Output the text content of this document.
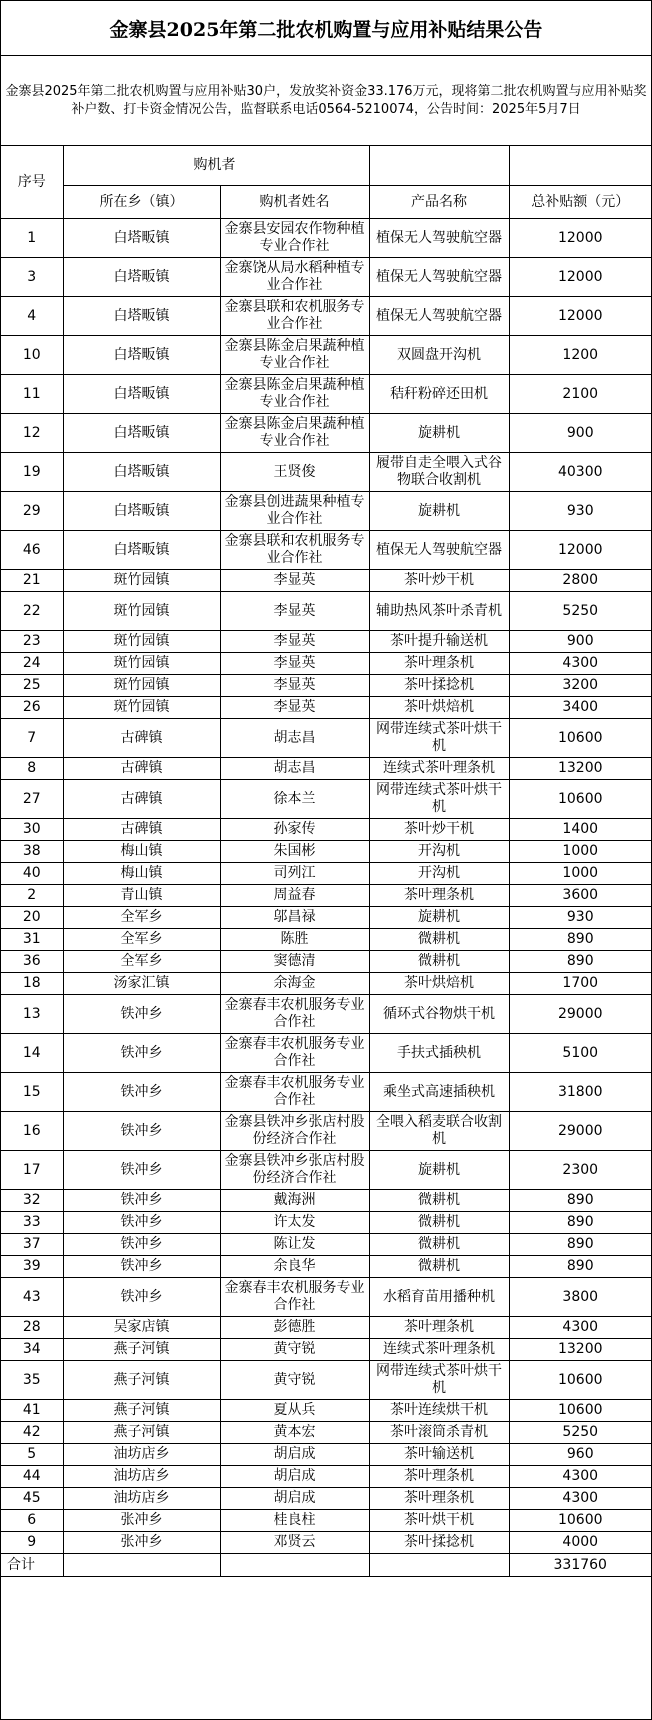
金寨县2025年第二批农机购置与应用补贴结果公告
金寨县2025年第二批农机购置与应用补贴30户，发放奖补资金33.176万元，现将第二批农机购置与应用补贴奖补户数、打卡资金情况公告，监督联系电话0564-5210074，公告时间：2025年5月7日
序号	购机者			
	所在乡（镇）	购机者姓名	产品名称	总补贴额（元）
1	白塔畈镇	金寨县安园农作物种植专业合作社	植保无人驾驶航空器	12000
3	白塔畈镇	金寨饶从局水稻种植专业合作社	植保无人驾驶航空器	12000
4	白塔畈镇	金寨县联和农机服务专业合作社	植保无人驾驶航空器	12000
10	白塔畈镇	金寨县陈金启果蔬种植专业合作社	双圆盘开沟机	1200
11	白塔畈镇	金寨县陈金启果蔬种植专业合作社	秸秆粉碎还田机	2100
12	白塔畈镇	金寨县陈金启果蔬种植专业合作社	旋耕机	900
19	白塔畈镇	王贤俊	履带自走全喂入式谷物联合收割机	40300
29	白塔畈镇	金寨县创进蔬果种植专业合作社	旋耕机	930
46	白塔畈镇	金寨县联和农机服务专业合作社	植保无人驾驶航空器	12000
21	斑竹园镇	李显英	茶叶炒干机	2800
22	斑竹园镇	李显英	辅助热风茶叶杀青机	5250
23	斑竹园镇	李显英	茶叶提升输送机	900
24	斑竹园镇	李显英	茶叶理条机	4300
25	斑竹园镇	李显英	茶叶揉捻机	3200
26	斑竹园镇	李显英	茶叶烘焙机	3400
7	古碑镇	胡志昌	网带连续式茶叶烘干机	10600
8	古碑镇	胡志昌	连续式茶叶理条机	13200
27	古碑镇	徐本兰	网带连续式茶叶烘干机	10600
30	古碑镇	孙家传	茶叶炒干机	1400
38	梅山镇	朱国彬	开沟机	1000
40	梅山镇	司列江	开沟机	1000
2	青山镇	周益春	茶叶理条机	3600
20	全军乡	邬昌禄	旋耕机	930
31	全军乡	陈胜	微耕机	890
36	全军乡	窦德清	微耕机	890
18	汤家汇镇	余海金	茶叶烘焙机	1700
13	铁冲乡	金寨春丰农机服务专业合作社	循环式谷物烘干机	29000
14	铁冲乡	金寨春丰农机服务专业合作社	手扶式插秧机	5100
15	铁冲乡	金寨春丰农机服务专业合作社	乘坐式高速插秧机	31800
16	铁冲乡	金寨县铁冲乡张店村股份经济合作社	全喂入稻麦联合收割机	29000
17	铁冲乡	金寨县铁冲乡张店村股份经济合作社	旋耕机	2300
32	铁冲乡	戴海洲	微耕机	890
33	铁冲乡	许太发	微耕机	890
37	铁冲乡	陈让发	微耕机	890
39	铁冲乡	余良华	微耕机	890
43	铁冲乡	金寨春丰农机服务专业合作社	水稻育苗用播种机	3800
28	吴家店镇	彭德胜	茶叶理条机	4300
34	燕子河镇	黄守锐	连续式茶叶理条机	13200
35	燕子河镇	黄守锐	网带连续式茶叶烘干机	10600
41	燕子河镇	夏从兵	茶叶连续烘干机	10600
42	燕子河镇	黄本宏	茶叶滚筒杀青机	5250
5	油坊店乡	胡启成	茶叶输送机	960
44	油坊店乡	胡启成	茶叶理条机	4300
45	油坊店乡	胡启成	茶叶理条机	4300
6	张冲乡	桂良柱	茶叶烘干机	10600
9	张冲乡	邓贤云	茶叶揉捻机	4000
合计				331760
